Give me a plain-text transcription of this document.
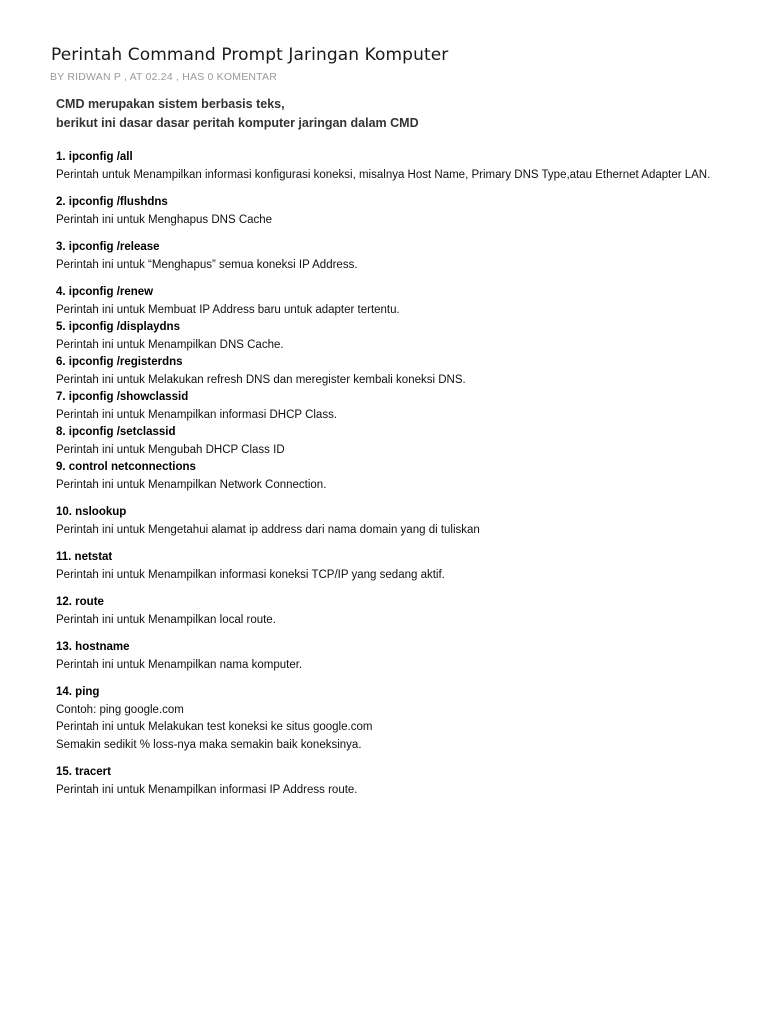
Perintah Command Prompt Jaringan Komputer
BY RIDWAN P , AT 02.24 , HAS 0 KOMENTAR
CMD merupakan sistem berbasis teks,
berikut ini dasar dasar peritah komputer jaringan dalam CMD
1. ipconfig /all
Perintah untuk Menampilkan informasi konfigurasi koneksi, misalnya Host Name, Primary DNS Type,atau Ethernet Adapter LAN.
2. ipconfig /flushdns
Perintah ini untuk Menghapus DNS Cache
3. ipconfig /release
Perintah ini untuk “Menghapus” semua koneksi IP Address.
4. ipconfig /renew
Perintah ini untuk Membuat IP Address baru untuk adapter tertentu.
5. ipconfig /displaydns
Perintah ini untuk Menampilkan DNS Cache.
6. ipconfig /registerdns
Perintah ini untuk Melakukan refresh DNS dan meregister kembali koneksi DNS.
7. ipconfig /showclassid
Perintah ini untuk Menampilkan informasi DHCP Class.
8. ipconfig /setclassid
Perintah ini untuk Mengubah DHCP Class ID
9. control netconnections
Perintah ini untuk Menampilkan Network Connection.
10. nslookup
Perintah ini untuk Mengetahui alamat ip address dari nama domain yang di tuliskan
11. netstat
Perintah ini untuk Menampilkan informasi koneksi TCP/IP yang sedang aktif.
12. route
Perintah ini untuk Menampilkan local route.
13. hostname
Perintah ini untuk Menampilkan nama komputer.
14. ping
Contoh: ping google.com
Perintah ini untuk Melakukan test koneksi ke situs google.com
Semakin sedikit % loss-nya maka semakin baik koneksinya.
15. tracert
Perintah ini untuk Menampilkan informasi IP Address route.
